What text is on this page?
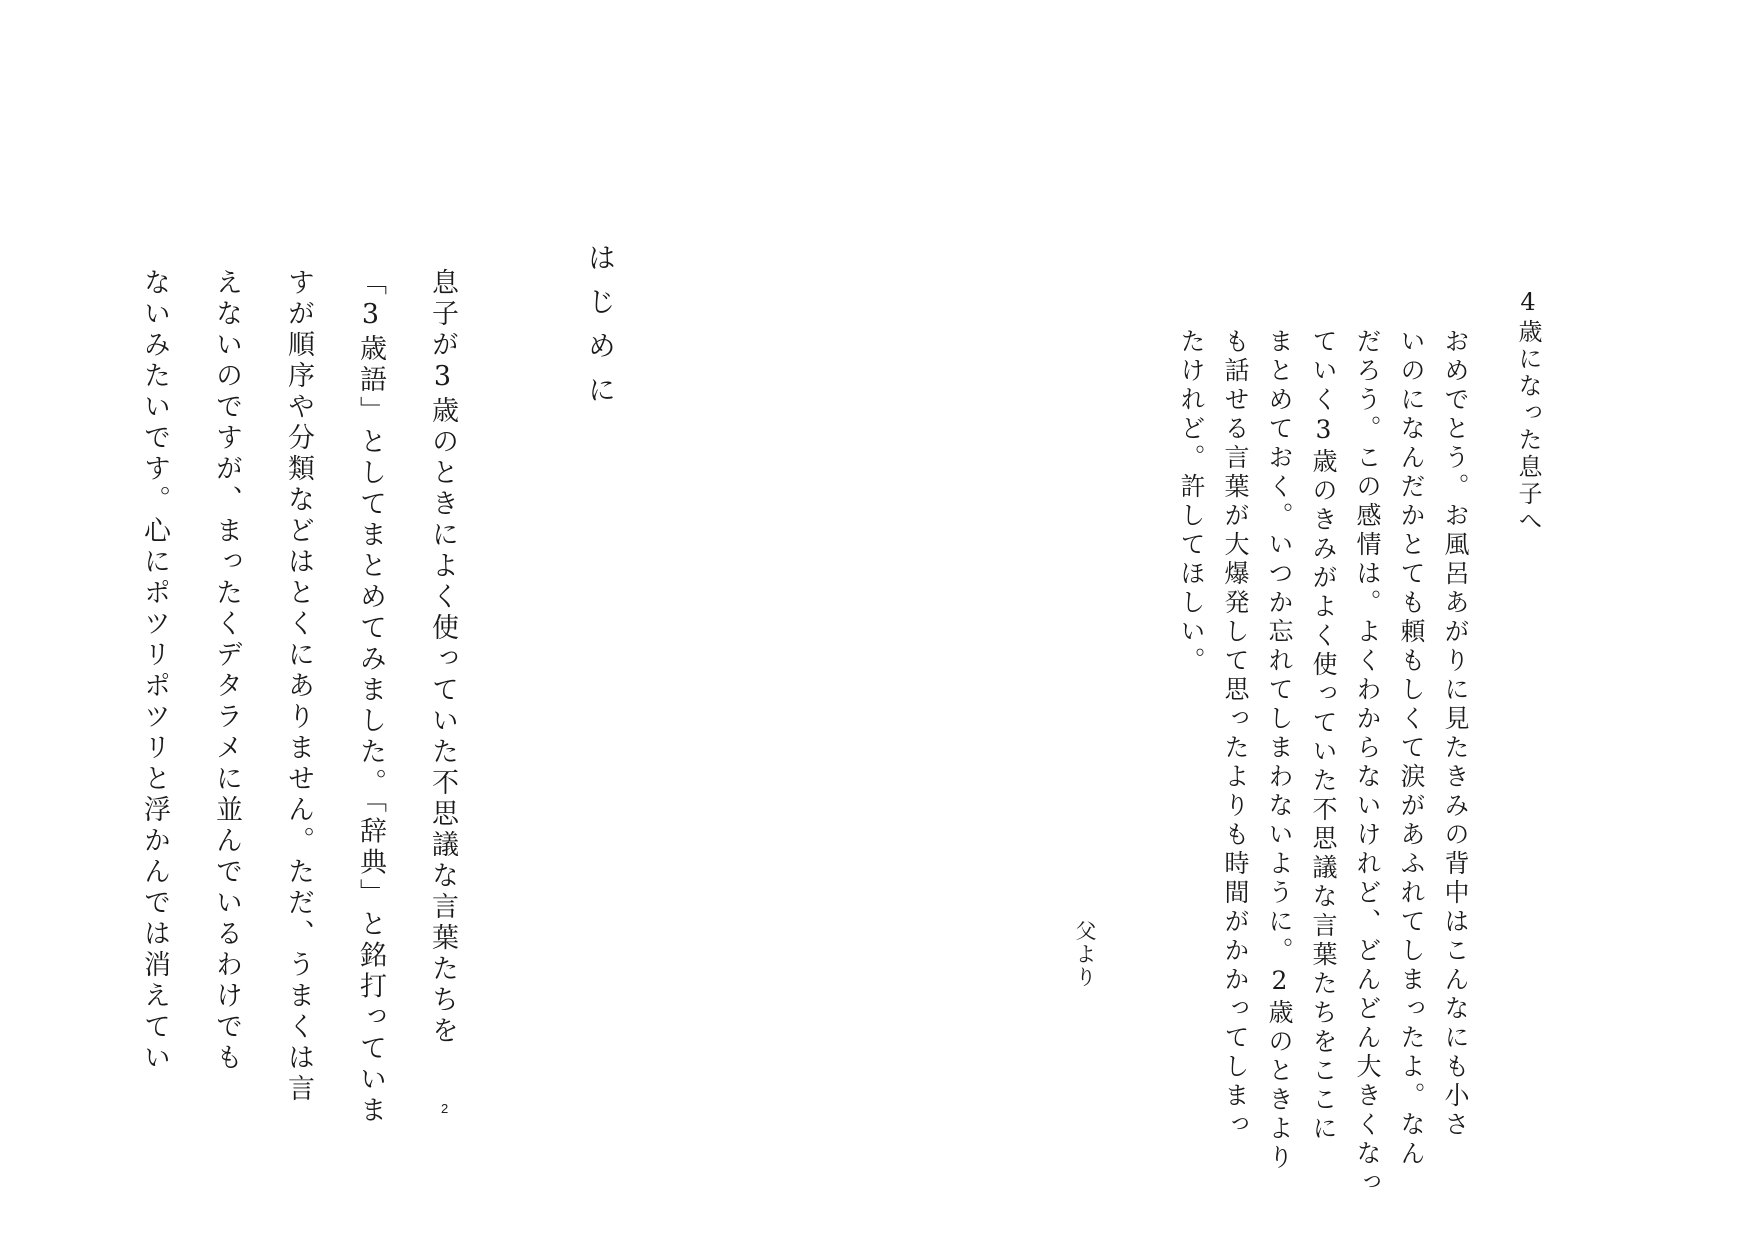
4歳になった息子へ

おめでとう。お風呂あがりに見たきみの背中はこんなにも小さ

いのになんだかとても頼もしくて涙があふれてしまったよ。なん

だろう。この感情は。よくわからないけれど、どんどん大きくなっ

ていく3歳のきみがよく使っていた不思議な言葉たちをここに

まとめておく。いつか忘れてしまわないように。2歳のときより

も話せる言葉が大爆発して思ったよりも時間がかかってしまっ

たけれど。許してほしい。

父より

はじめに

息子が3歳のときによく使っていた不思議な言葉たちを

「3歳語」としてまとめてみました。「辞典」と銘打っていま

すが順序や分類などはとくにありません。ただ、うまくは言

えないのですが、まったくデタラメに並んでいるわけでも

ないみたいです。心にポツリポツリと浮かんでは消えてい

2
